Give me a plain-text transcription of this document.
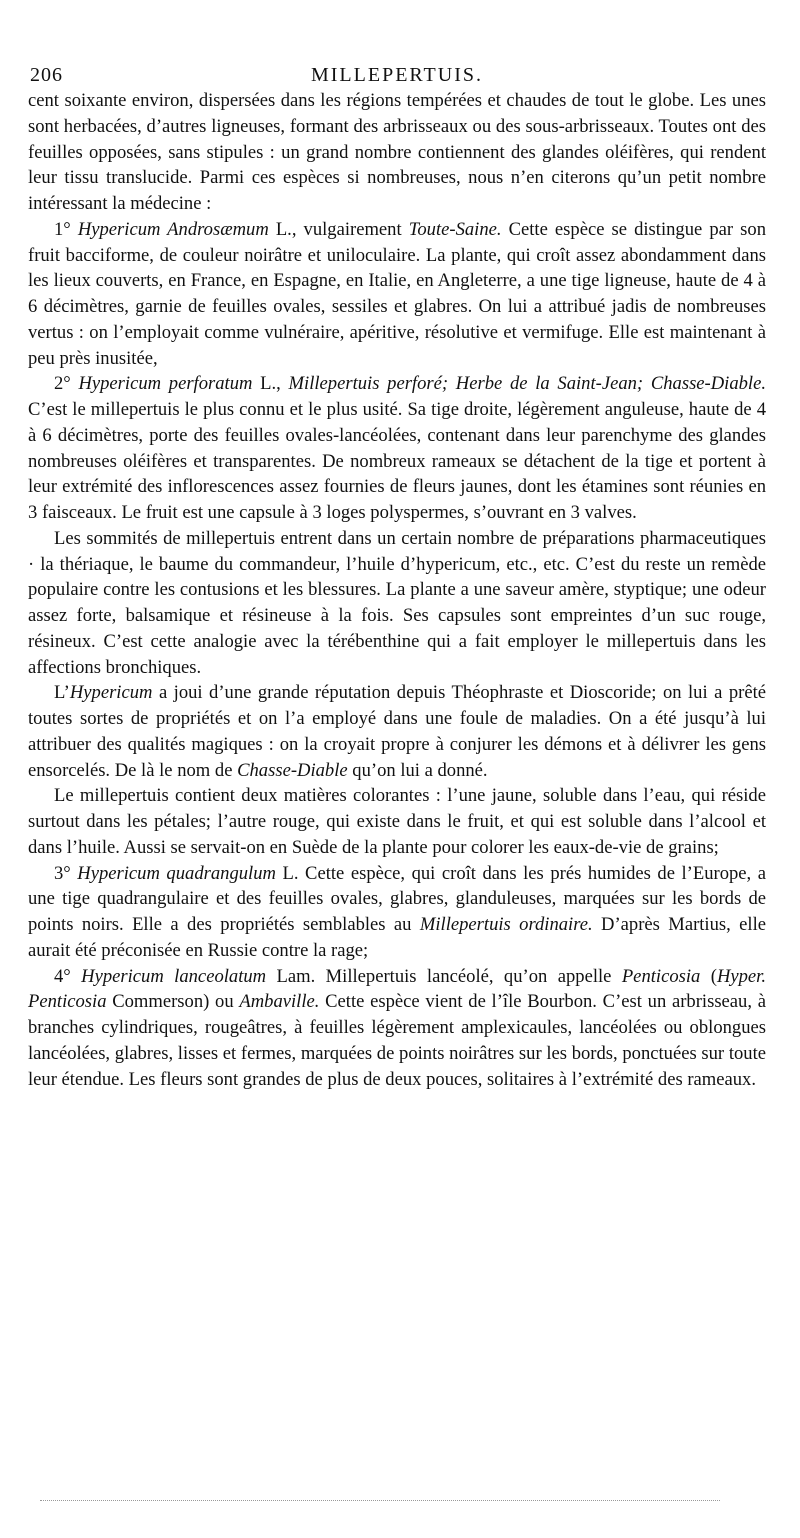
206	MILLEPERTUIS.

cent soixante environ, dispersées dans les régions tempérées et chaudes de tout le globe. Les unes sont herbacées, d’autres ligneuses, formant des arbrisseaux ou des sous-arbrisseaux. Toutes ont des feuilles opposées, sans stipules : un grand nombre contiennent des glandes oléifères, qui rendent leur tissu translucide. Parmi ces espèces si nombreuses, nous n’en citerons qu’un petit nombre intéressant la médecine :

1° Hypericum Androsæmum L., vulgairement Toute-Saine. Cette espèce se distingue par son fruit bacciforme, de couleur noirâtre et uniloculaire. La plante, qui croît assez abondamment dans les lieux couverts, en France, en Espagne, en Italie, en Angleterre, a une tige ligneuse, haute de 4 à 6 décimètres, garnie de feuilles ovales, sessiles et glabres. On lui a attribué jadis de nombreuses vertus : on l’employait comme vulnéraire, apéritive, résolutive et vermifuge. Elle est maintenant à peu près inusitée,

2° Hypericum perforatum L., Millepertuis perforé; Herbe de la Saint-Jean; Chasse-Diable. C’est le millepertuis le plus connu et le plus usité. Sa tige droite, légèrement anguleuse, haute de 4 à 6 décimètres, porte des feuilles ovales-lancéolées, contenant dans leur parenchyme des glandes nombreuses oléifères et transparentes. De nombreux rameaux se détachent de la tige et portent à leur extrémité des inflorescences assez fournies de fleurs jaunes, dont les étamines sont réunies en 3 faisceaux. Le fruit est une capsule à 3 loges polyspermes, s’ouvrant en 3 valves.

Les sommités de millepertuis entrent dans un certain nombre de préparations pharmaceutiques · la thériaque, le baume du commandeur, l’huile d’hypericum, etc., etc. C’est du reste un remède populaire contre les contusions et les blessures. La plante a une saveur amère, styptique; une odeur assez forte, balsamique et résineuse à la fois. Ses capsules sont empreintes d’un suc rouge, résineux. C’est cette analogie avec la térébenthine qui a fait employer le millepertuis dans les affections bronchiques.

L’Hypericum a joui d’une grande réputation depuis Théophraste et Dioscoride; on lui a prêté toutes sortes de propriétés et on l’a employé dans une foule de maladies. On a été jusqu’à lui attribuer des qualités magiques : on la croyait propre à conjurer les démons et à délivrer les gens ensorcelés. De là le nom de Chasse-Diable qu’on lui a donné.

Le millepertuis contient deux matières colorantes : l’une jaune, soluble dans l’eau, qui réside surtout dans les pétales; l’autre rouge, qui existe dans le fruit, et qui est soluble dans l’alcool et dans l’huile. Aussi se servait-on en Suède de la plante pour colorer les eaux-de-vie de grains;

3° Hypericum quadrangulum L. Cette espèce, qui croît dans les prés humides de l’Europe, a une tige quadrangulaire et des feuilles ovales, glabres, glanduleuses, marquées sur les bords de points noirs. Elle a des propriétés semblables au Millepertuis ordinaire. D’après Martius, elle aurait été préconisée en Russie contre la rage;

4° Hypericum lanceolatum Lam. Millepertuis lancéolé, qu’on appelle Penticosia (Hyper. Penticosia Commerson) ou Ambaville. Cette espèce vient de l’île Bourbon. C’est un arbrisseau, à branches cylindriques, rougeâtres, à feuilles légèrement amplexicaules, lancéolées ou oblongues lancéolées, glabres, lisses et fermes, marquées de points noirâtres sur les bords, ponctuées sur toute leur étendue. Les fleurs sont grandes de plus de deux pouces, solitaires à l’extrémité des rameaux.
